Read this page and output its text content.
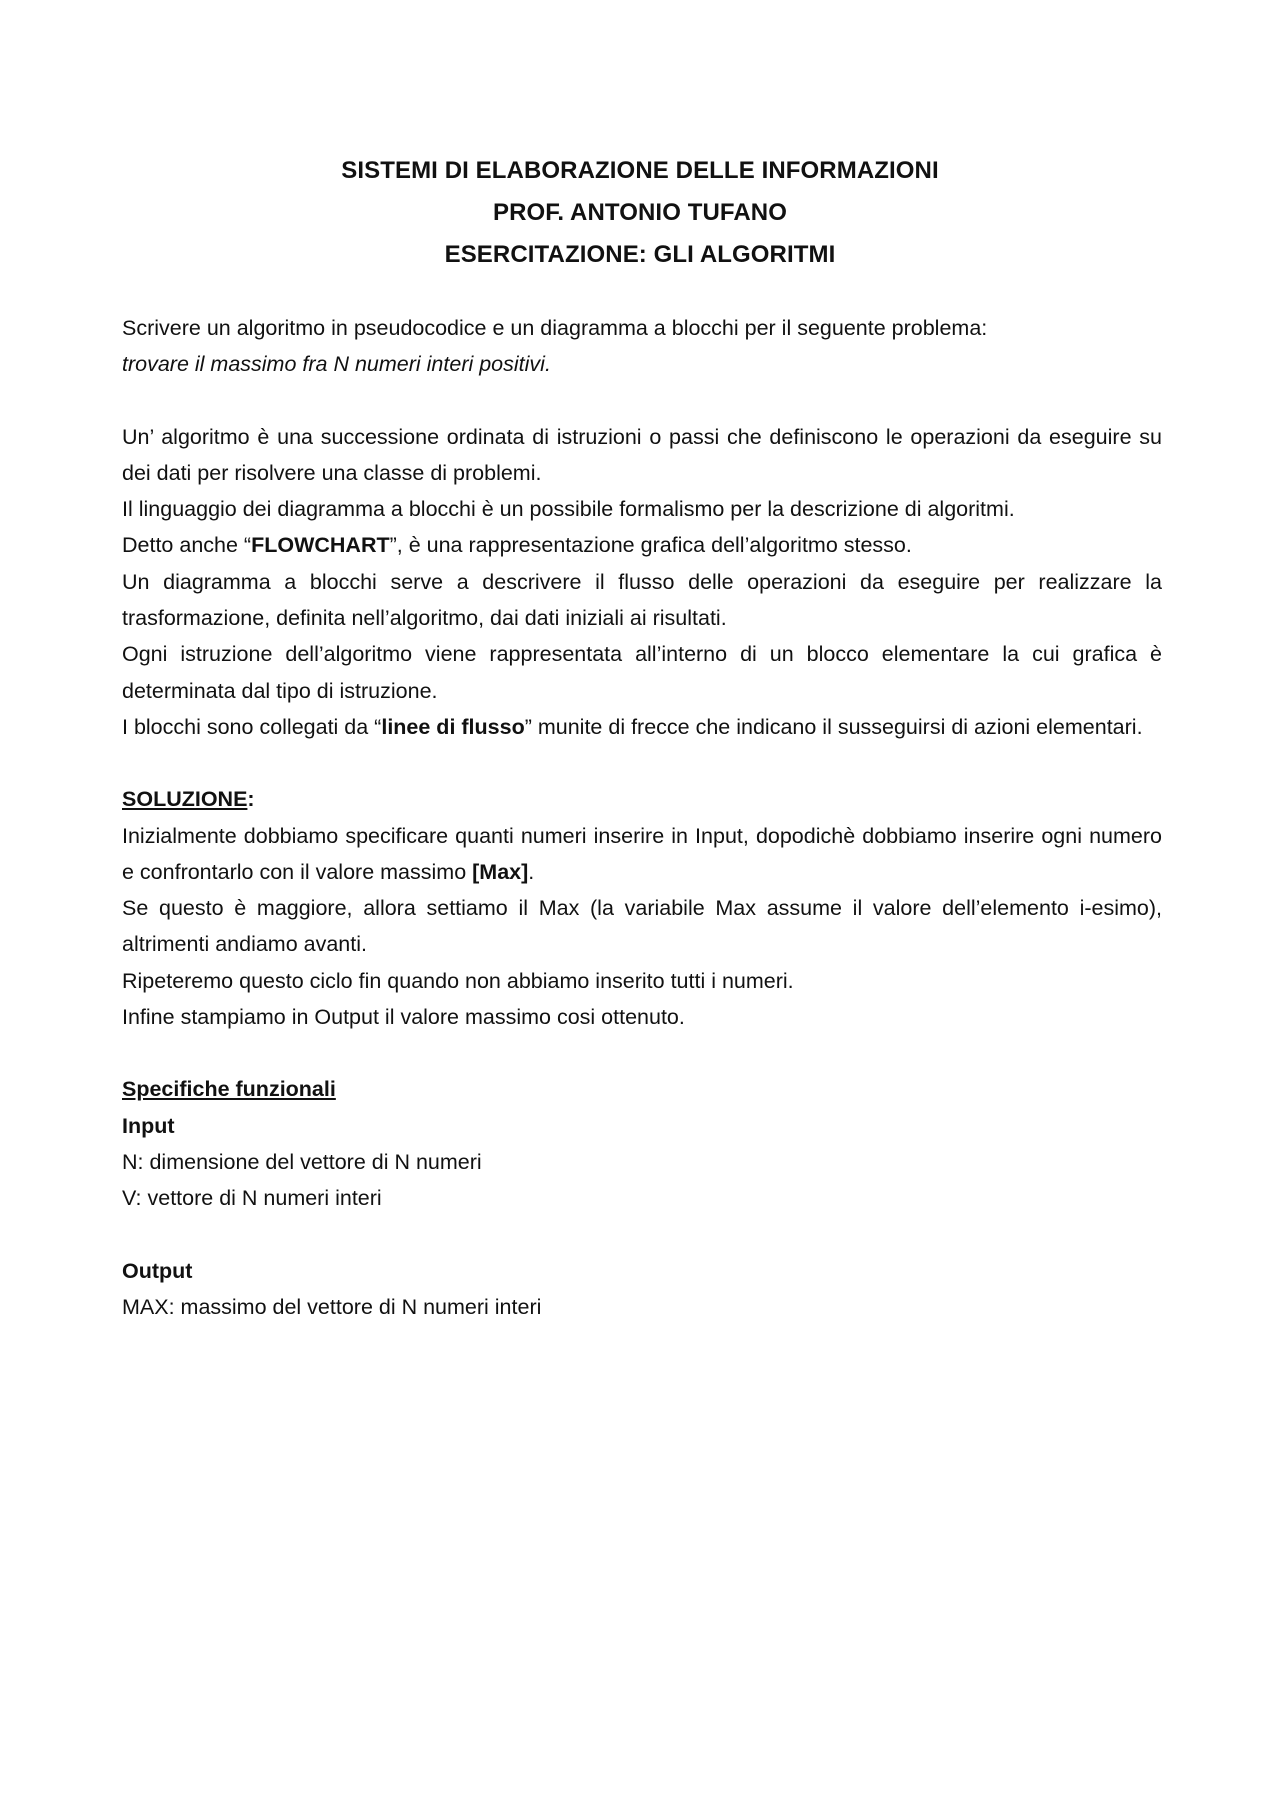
SISTEMI DI ELABORAZIONE DELLE INFORMAZIONI
PROF. ANTONIO TUFANO
ESERCITAZIONE: GLI ALGORITMI

Scrivere un algoritmo in pseudocodice e un diagramma a blocchi per il seguente problema:

trovare il massimo fra N numeri interi positivi.

Un’ algoritmo è una successione ordinata di istruzioni o passi che definiscono le operazioni da eseguire su dei dati per risolvere una classe di problemi.

Il linguaggio dei diagramma a blocchi è un possibile formalismo per la descrizione di algoritmi.

Detto anche “FLOWCHART”, è una rappresentazione grafica dell’algoritmo stesso.

Un diagramma a blocchi serve a descrivere il flusso delle operazioni da eseguire per realizzare la trasformazione, definita nell’algoritmo, dai dati iniziali ai risultati.

Ogni istruzione dell’algoritmo viene rappresentata all’interno di un blocco elementare la cui grafica è determinata dal tipo di istruzione.

I blocchi sono collegati da “linee di flusso” munite di frecce che indicano il susseguirsi di azioni elementari.

SOLUZIONE:

Inizialmente dobbiamo specificare quanti numeri inserire in Input, dopodichè dobbiamo inserire ogni numero e confrontarlo con il valore massimo [Max].

Se questo è maggiore, allora settiamo il Max (la variabile Max assume il valore dell’elemento i-esimo), altrimenti andiamo avanti.

Ripeteremo questo ciclo fin quando non abbiamo inserito tutti i numeri.

Infine stampiamo in Output il valore massimo cosi ottenuto.

Specifiche funzionali

Input

N: dimensione del vettore di N numeri

V: vettore di N numeri interi

Output

MAX: massimo del vettore di N numeri interi
